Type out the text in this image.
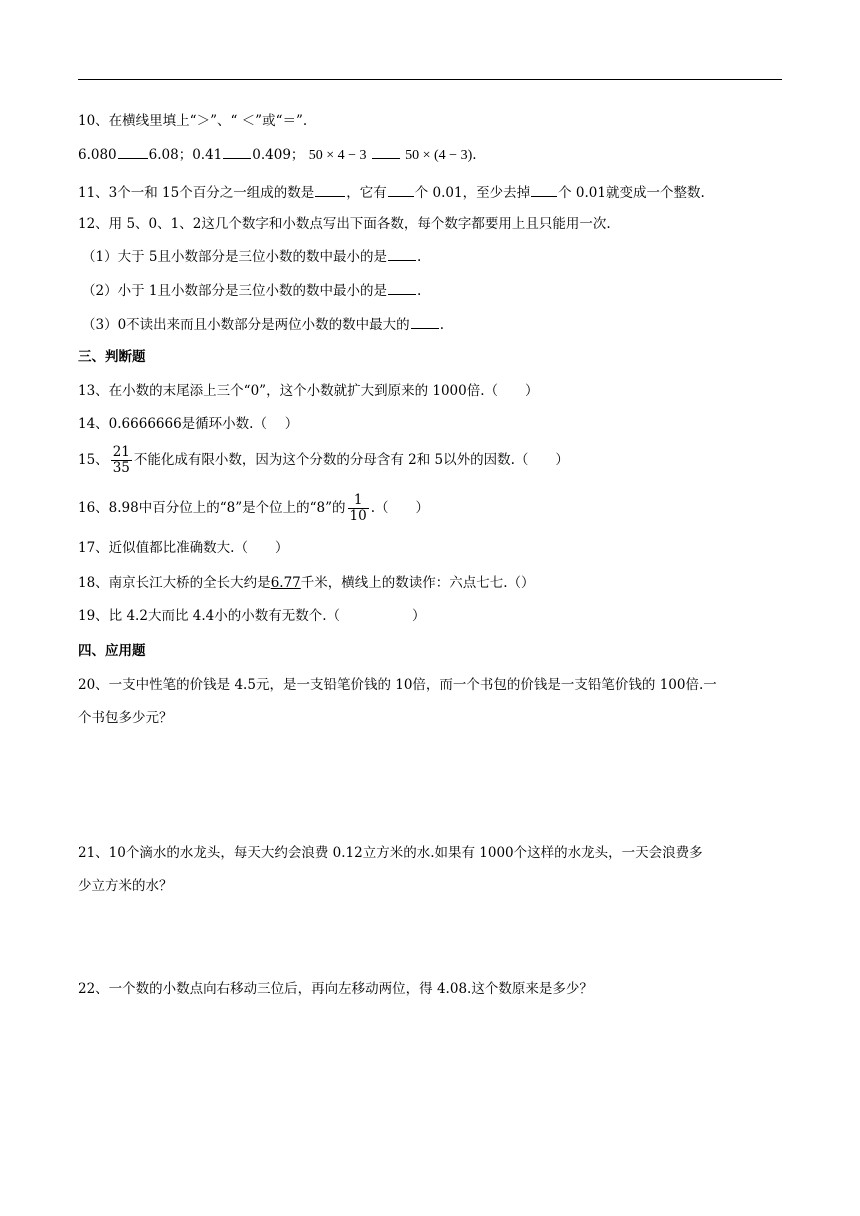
10、在横线里填上“＞”、“ ＜”或“＝”.
6.080 6.08；0.41 0.409； 50 × 4 − 3	50 × (4 − 3).
11、3个一和 15个百分之一组成的数是 ，它有 个 0.01，至少去掉 个 0.01就变成一个整数.
12、用 5、0、1、2这几个数字和小数点写出下面各数，每个数字都要用上且只能用一次.
（1）大于 5且小数部分是三位小数的数中最小的是 .
（2）小于 1且小数部分是三位小数的数中最小的是 .
（3）0不读出来而且小数部分是两位小数的数中最大的 .
三、判断题
13、在小数的末尾添上三个“0”，这个小数就扩大到原来的 1000倍.（　　）
14、0.6666666是循环小数.（　 ）
15、 $\frac{21}{35}$ 不能化成有限小数，因为这个分数的分母含有 2和 5以外的因数.（　　）
16、8.98中百分位上的“8”是个位上的“8”的 $\frac{1}{10}$ .（　　）
17、近似值都比准确数大.（　　）
18、南京长江大桥的全长大约是6.77千米，横线上的数读作：六点七七.（）
19、比 4.2大而比 4.4小的小数有无数个.（	）
四、应用题
20、一支中性笔的价钱是 4.5元，是一支铅笔价钱的 10倍，而一个书包的价钱是一支铅笔价钱的 100倍.一
个书包多少元？
21、10个滴水的水龙头，每天大约会浪费 0.12立方米的水.如果有 1000个这样的水龙头，一天会浪费多
少立方米的水？
22、一个数的小数点向右移动三位后，再向左移动两位，得 4.08.这个数原来是多少？
